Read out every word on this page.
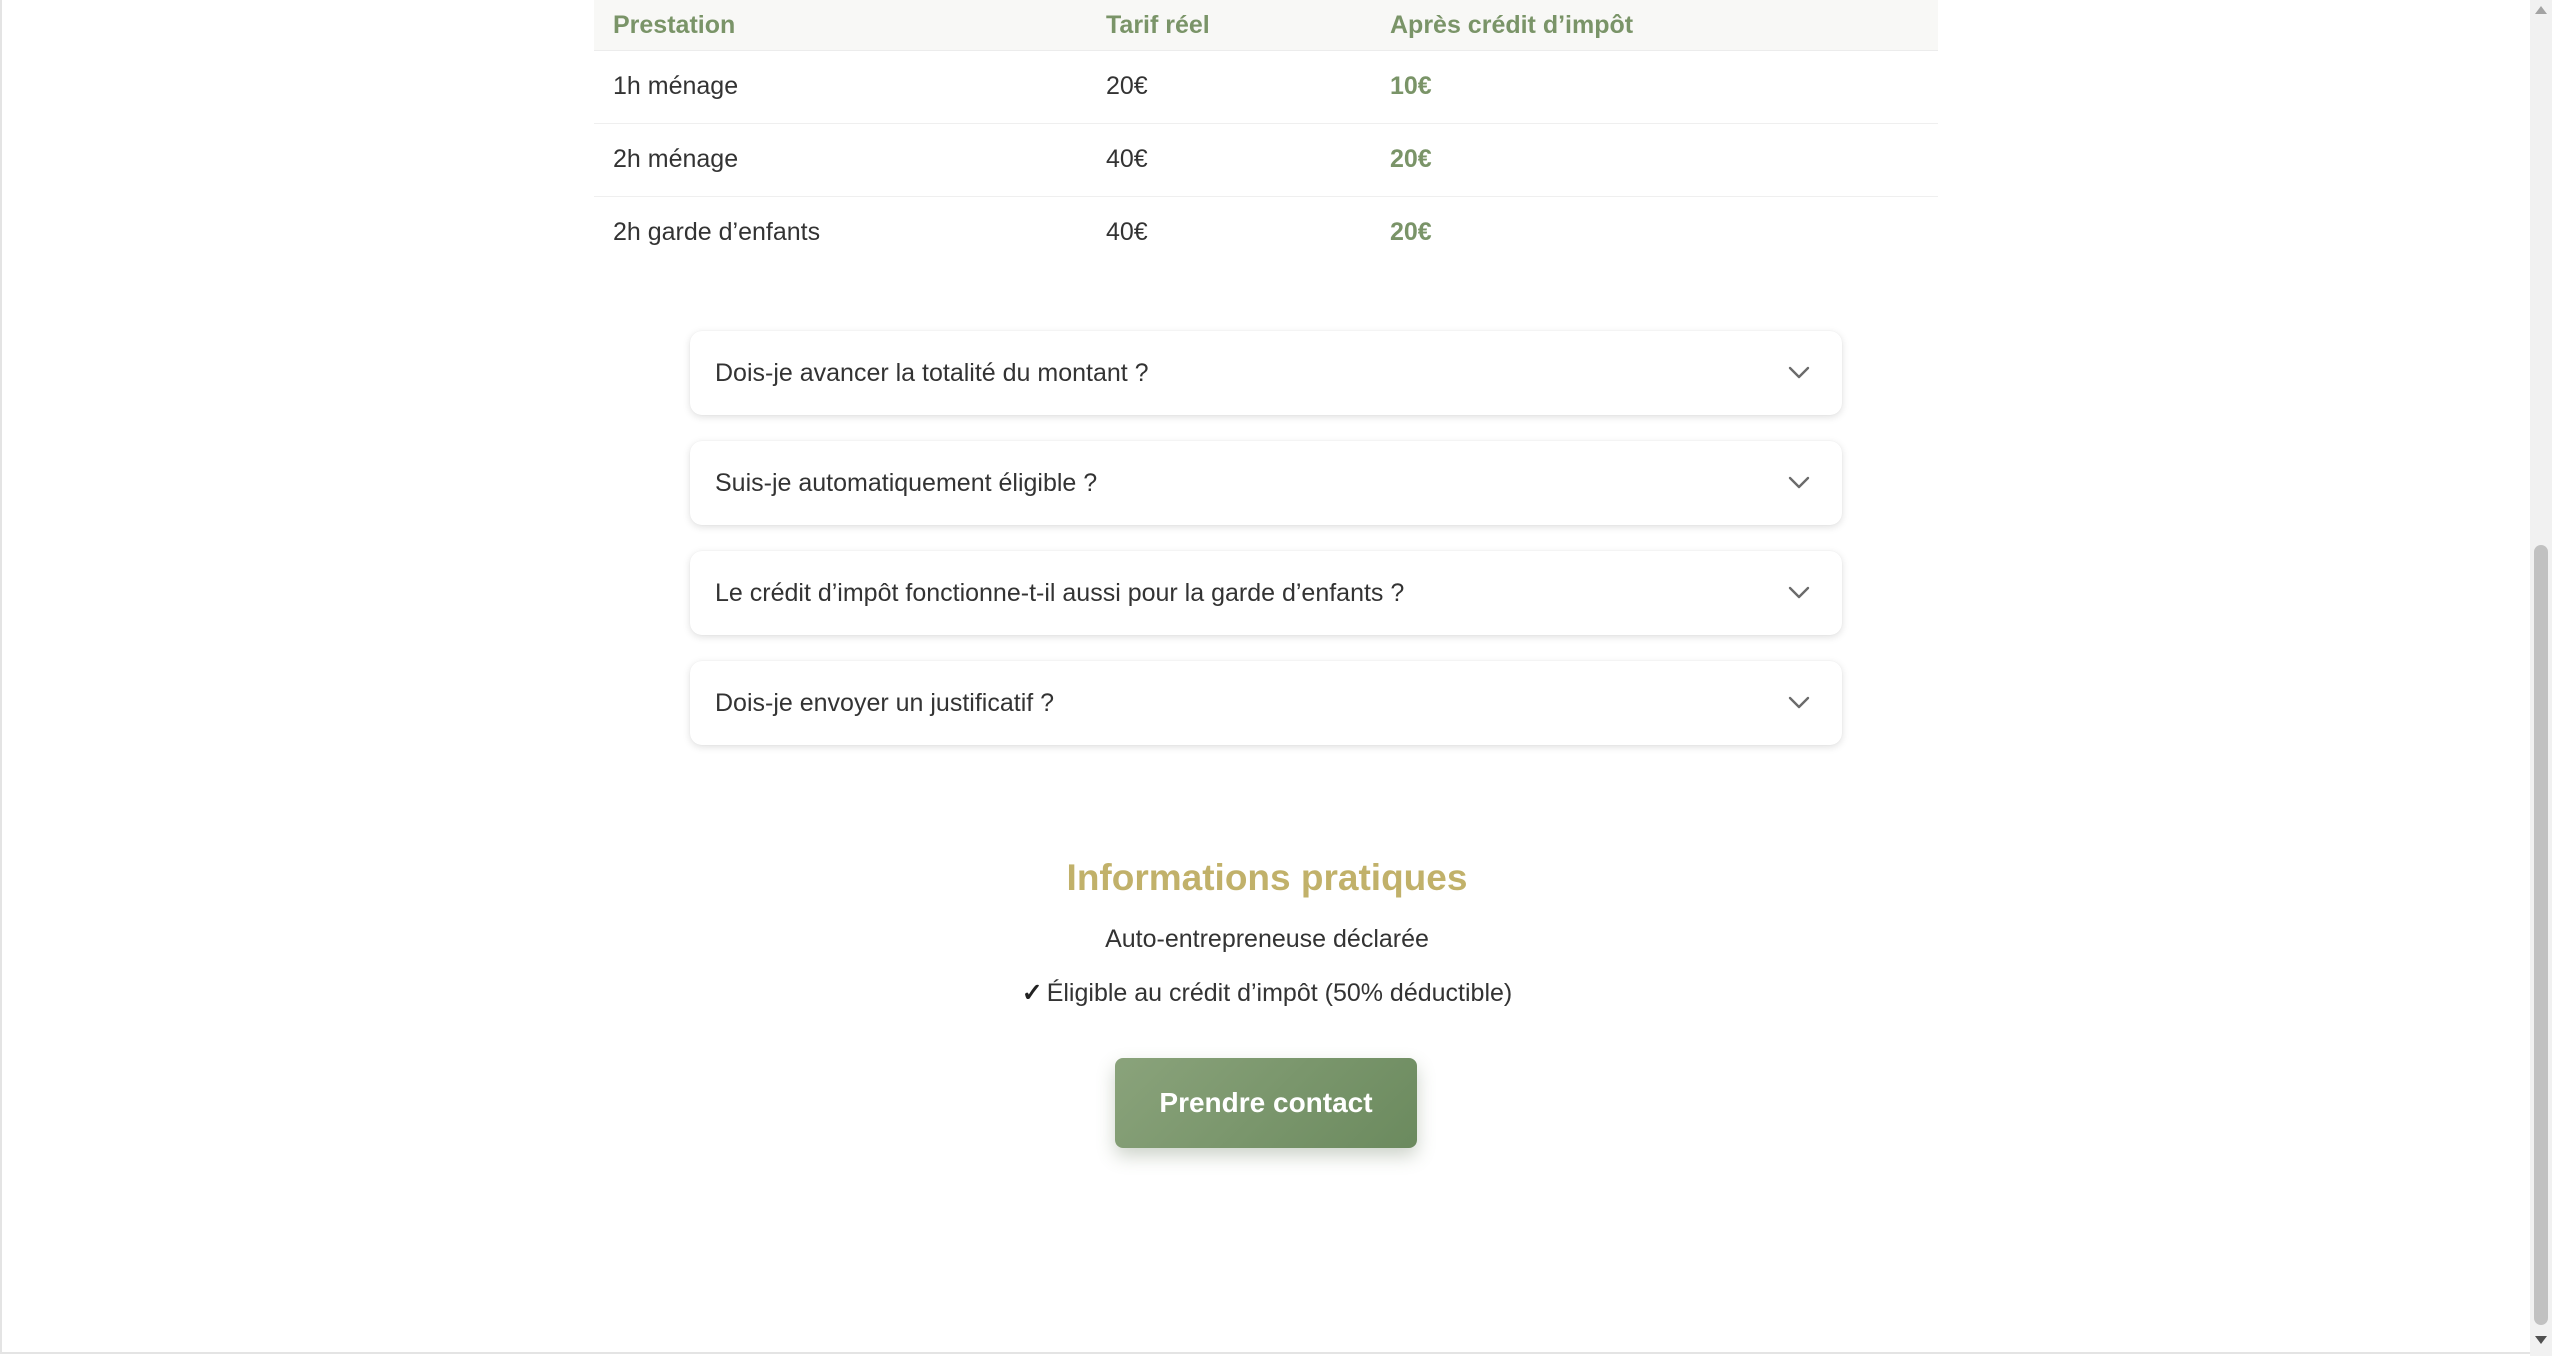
Prestation	Tarif réel	Après crédit d’impôt
1h ménage	20€	10€
2h ménage	40€	20€
2h garde d’enfants	40€	20€
Dois-je avancer la totalité du montant ?
Suis-je automatiquement éligible ?
Le crédit d’impôt fonctionne-t-il aussi pour la garde d’enfants ?
Dois-je envoyer un justificatif ?
Informations pratiques
Auto-entrepreneuse déclarée
✓ Éligible au crédit d’impôt (50% déductible)
Prendre contact
